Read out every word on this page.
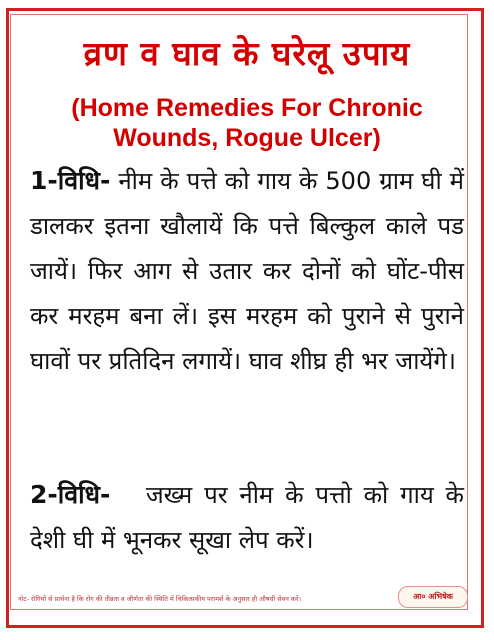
व्रण व घाव के घरेलू उपाय
(Home Remedies For Chronic
Wounds, Rogue Ulcer)
1-विधि- नीम के पत्ते को गाय के 500 ग्राम घी में डालकर इतना खौलायें कि पत्ते बिल्कुल काले पड जायें। फिर आग से उतार कर दोनों को घोंट-पीस कर मरहम बना लें। इस मरहम को पुराने से पुराने घावों पर प्रतिदिन लगायें। घाव शीघ्र ही भर जायेंगे।
2-विधि- जख्म पर नीम के पत्तो को गाय के देशी घी में भूनकर सूखा लेप करें।
नोट- रोगियों से प्रार्थना है कि रोग की तीव्रता व जीर्णता की स्थिति में चिकित्सकीय परामर्श के अनुसार ही औषधी सेवन करें।	आ० अभिषेक
